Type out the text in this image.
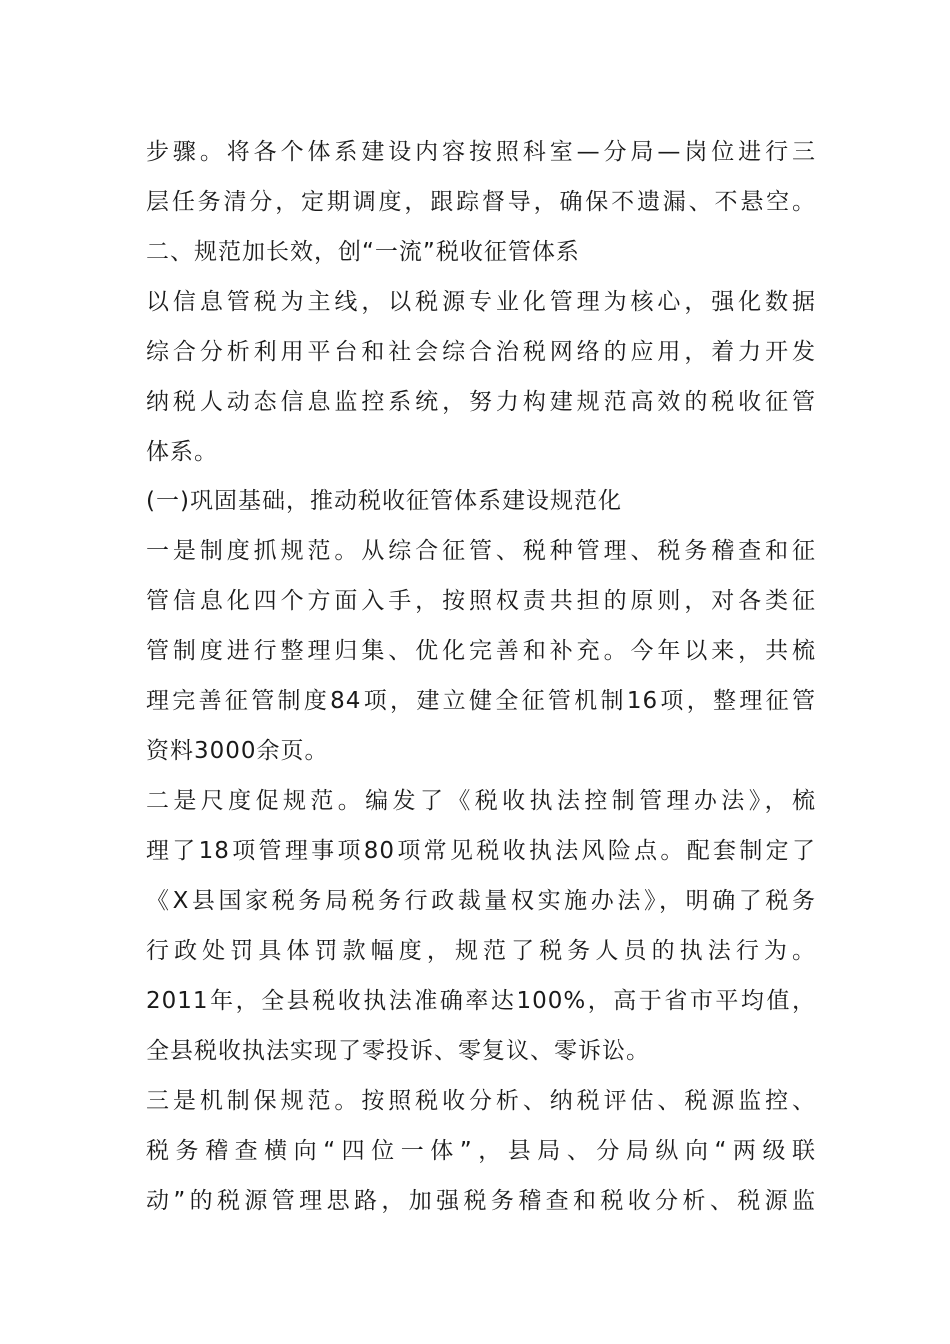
步骤。将各个体系建设内容按照科室—分局—岗位进行三
层任务清分，定期调度，跟踪督导，确保不遗漏、不悬空。
二、规范加长效，创“一流”税收征管体系
以信息管税为主线，以税源专业化管理为核心，强化数据
综合分析利用平台和社会综合治税网络的应用，着力开发
纳税人动态信息监控系统，努力构建规范高效的税收征管
体系。
(一)巩固基础，推动税收征管体系建设规范化
一是制度抓规范。从综合征管、税种管理、税务稽查和征
管信息化四个方面入手，按照权责共担的原则，对各类征
管制度进行整理归集、优化完善和补充。今年以来，共梳
理完善征管制度84项，建立健全征管机制16项，整理征管
资料3000余页。
二是尺度促规范。编发了《税收执法控制管理办法》，梳
理了18项管理事项80项常见税收执法风险点。配套制定了
《X县国家税务局税务行政裁量权实施办法》，明确了税务
行政处罚具体罚款幅度，规范了税务人员的执法行为。
2011年，全县税收执法准确率达100%，高于省市平均值，
全县税收执法实现了零投诉、零复议、零诉讼。
三是机制保规范。按照税收分析、纳税评估、税源监控、
税务稽查横向“四位一体”，县局、分局纵向“两级联
动”的税源管理思路，加强税务稽查和税收分析、税源监
